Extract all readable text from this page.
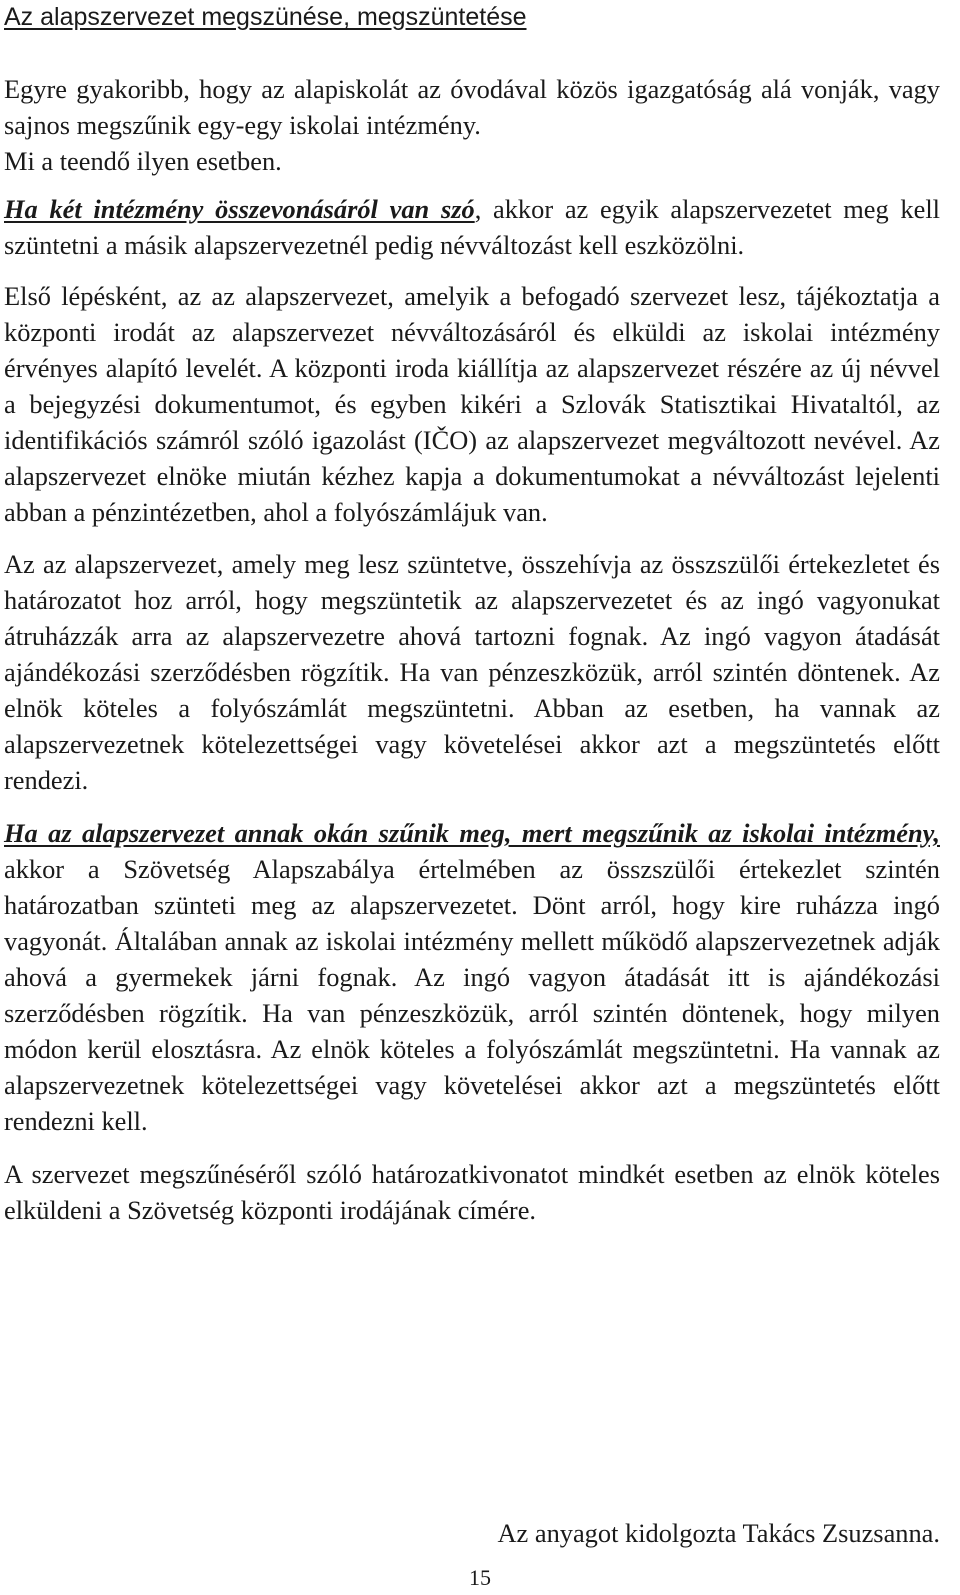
Az alapszervezet megszünése, megszüntetése

Egyre gyakoribb, hogy az alapiskolát az óvodával közös igazgatóság alá vonják, vagy sajnos megszűnik egy-egy iskolai intézmény.

Mi a teendő ilyen esetben.

Ha két intézmény összevonásáról van szó, akkor az egyik alapszervezetet meg kell szüntetni a másik alapszervezetnél pedig névváltozást kell eszközölni.

Első lépésként, az az alapszervezet, amelyik a befogadó szervezet lesz, tájékoztatja a központi irodát az alapszervezet névváltozásáról és elküldi az iskolai intézmény érvényes alapító levelét. A központi iroda kiállítja az alapszervezet részére az új névvel a bejegyzési dokumentumot, és egyben kikéri a Szlovák Statisztikai Hivataltól, az identifikációs számról szóló igazolást (IČO) az alapszervezet megváltozott nevével. Az alapszervezet elnöke miután kézhez kapja a dokumentumokat a névváltozást lejelenti abban a pénzintézetben, ahol a folyószámlájuk van.

Az az alapszervezet, amely meg lesz szüntetve, összehívja az összszülői értekezletet és határozatot hoz arról, hogy megszüntetik az alapszervezetet és az ingó vagyonukat átruházzák arra az alapszervezetre ahová tartozni fognak. Az ingó vagyon átadását ajándékozási szerződésben rögzítik. Ha van pénzeszközük, arról szintén döntenek. Az elnök köteles a folyószámlát megszüntetni. Abban az esetben, ha vannak az alapszervezetnek kötelezettségei vagy követelései akkor azt a megszüntetés előtt rendezi.

Ha az alapszervezet annak okán szűnik meg, mert megszűnik az iskolai intézmény, akkor a Szövetség Alapszabálya értelmében az összszülői értekezlet szintén határozatban szünteti meg az alapszervezetet. Dönt arról, hogy kire ruházza ingó vagyonát. Általában annak az iskolai intézmény mellett működő alapszervezetnek adják ahová a gyermekek járni fognak. Az ingó vagyon átadását itt is ajándékozási szerződésben rögzítik. Ha van pénzeszközük, arról szintén döntenek, hogy milyen módon kerül elosztásra. Az elnök köteles a folyószámlát megszüntetni. Ha vannak az alapszervezetnek kötelezettségei vagy követelései akkor azt a megszüntetés előtt rendezni kell.

A szervezet megszűnéséről szóló határozatkivonatot mindkét esetben az elnök köteles elküldeni a Szövetség központi irodájának címére.

Az anyagot kidolgozta Takács Zsuzsanna.
15
